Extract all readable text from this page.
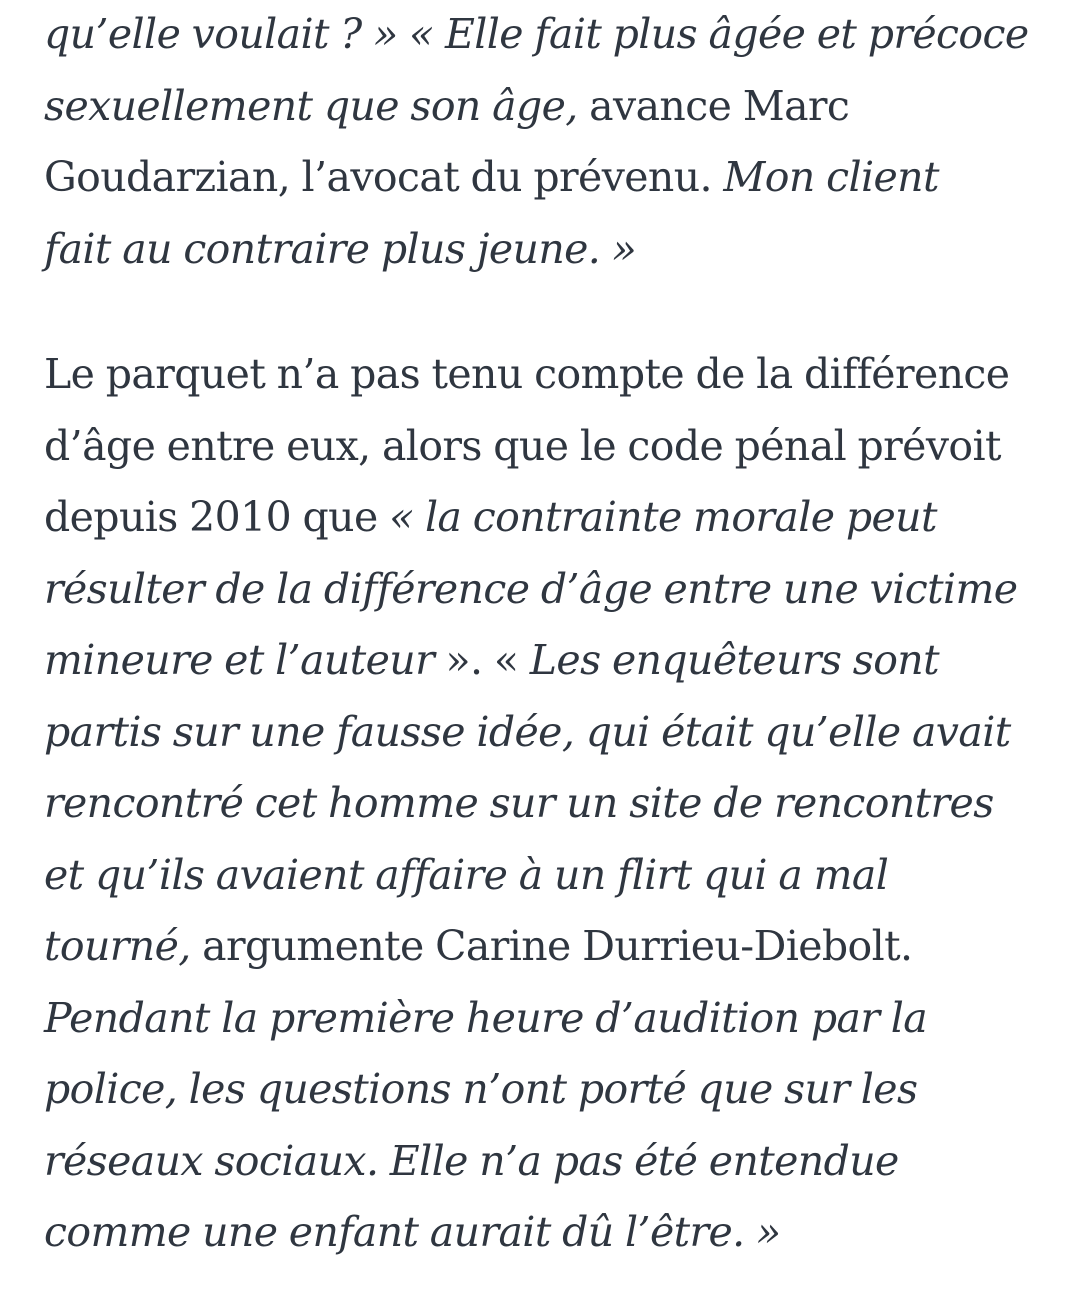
qu’elle voulait ? » « Elle fait plus âgée et précoce
sexuellement que son âge, avance Marc
Goudarzian, l’avocat du prévenu. Mon client
fait au contraire plus jeune. »

Le parquet n’a pas tenu compte de la différence
d’âge entre eux, alors que le code pénal prévoit
depuis 2010 que « la contrainte morale peut
résulter de la différence d’âge entre une victime
mineure et l’auteur ». « Les enquêteurs sont
partis sur une fausse idée, qui était qu’elle avait
rencontré cet homme sur un site de rencontres
et qu’ils avaient affaire à un flirt qui a mal
tourné, argumente Carine Durrieu-Diebolt.
Pendant la première heure d’audition par la
police, les questions n’ont porté que sur les
réseaux sociaux. Elle n’a pas été entendue
comme une enfant aurait dû l’être. »
